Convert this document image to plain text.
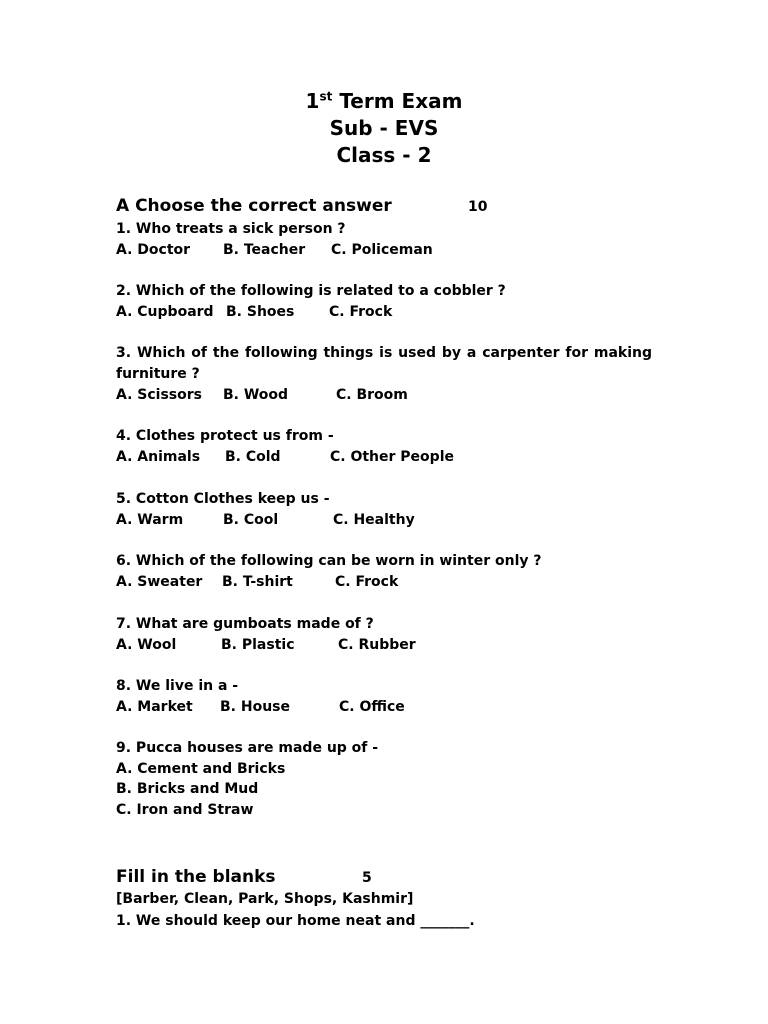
1st Term Exam

Sub - EVS

Class - 2

A Choose the correct answer	10
1. Who treats a sick person ?
A. Doctor B. Teacher C. Policeman
2. Which of the following is related to a cobbler ?
A. Cupboard B. Shoes C. Frock
3. Which of the following things is used by a carpenter for making furniture ?
A. Scissors B. Wood	C. Broom
4. Clothes protect us from -
A. Animals B. Cold	C. Other People
5. Cotton Clothes keep us -
A. Warm	B. Cool	C. Healthy
6. Which of the following can be worn in winter only ?
A. Sweater B. T-shirt	C. Frock
7. What are gumboats made of ?
A. Wool	B. Plastic	C. Rubber
8. We live in a -
A. Market B. House	C. Office
9. Pucca houses are made up of -
A. Cement and Bricks
B. Bricks and Mud
C. Iron and Straw
Fill in the blanks	5
[Barber, Clean, Park, Shops, Kashmir]
1. We should keep our home neat and _______.
